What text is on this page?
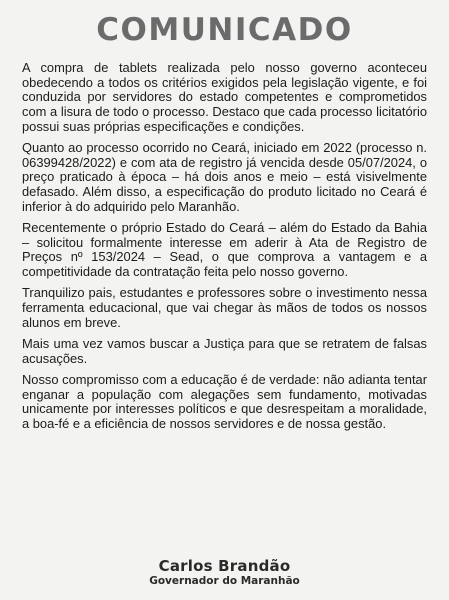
COMUNICADO

A compra de tablets realizada pelo nosso governo aconteceu obedecendo a todos os critérios exigidos pela legislação vigente, e foi conduzida por servidores do estado competentes e comprometidos com a lisura de todo o processo. Destaco que cada processo licitatório possui suas próprias especificações e condições.

Quanto ao processo ocorrido no Ceará, iniciado em 2022 (processo n. 06399428/2022) e com ata de registro já vencida desde 05/07/2024, o preço praticado à época – há dois anos e meio – está visivelmente defasado. Além disso, a especificação do produto licitado no Ceará é inferior à do adquirido pelo Maranhão.

Recentemente o próprio Estado do Ceará – além do Estado da Bahia – solicitou formalmente interesse em aderir à Ata de Registro de Preços nº 153/2024 – Sead, o que comprova a vantagem e a competitividade da contratação feita pelo nosso governo.

Tranquilizo pais, estudantes e professores sobre o investimento nessa ferramenta educacional, que vai chegar às mãos de todos os nossos alunos em breve.

Mais uma vez vamos buscar a Justiça para que se retratem de falsas acusações.

Nosso compromisso com a educação é de verdade: não adianta tentar enganar a população com alegações sem fundamento, motivadas unicamente por interesses políticos e que desrespeitam a moralidade, a boa-fé e a eficiência de nossos servidores e de nossa gestão.

Carlos Brandão
Governador do Maranhão
